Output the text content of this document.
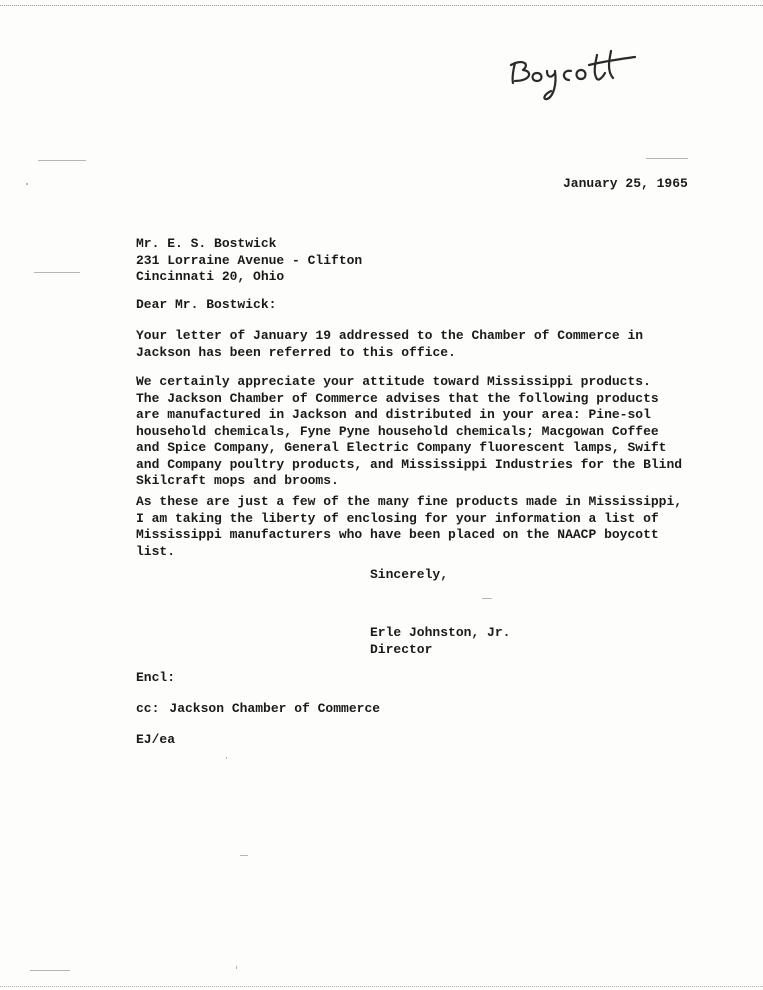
January 25, 1965
Mr. E. S. Bostwick
231 Lorraine Avenue - Clifton
Cincinnati 20, Ohio
Dear Mr. Bostwick:
Your letter of January 19 addressed to the Chamber of Commerce in
Jackson has been referred to this office.
We certainly appreciate your attitude toward Mississippi products.
The Jackson Chamber of Commerce advises that the following products
are manufactured in Jackson and distributed in your area: Pine-sol
household chemicals, Fyne Pyne household chemicals; Macgowan Coffee
and Spice Company, General Electric Company fluorescent lamps, Swift
and Company poultry products, and Mississippi Industries for the Blind
Skilcraft mops and brooms.
As these are just a few of the many fine products made in Mississippi,
I am taking the liberty of enclosing for your information a list of
Mississippi manufacturers who have been placed on the NAACP boycott
list.
Sincerely,
Erle Johnston, Jr.
Director
Encl:
cc: Jackson Chamber of Commerce
EJ/ea
